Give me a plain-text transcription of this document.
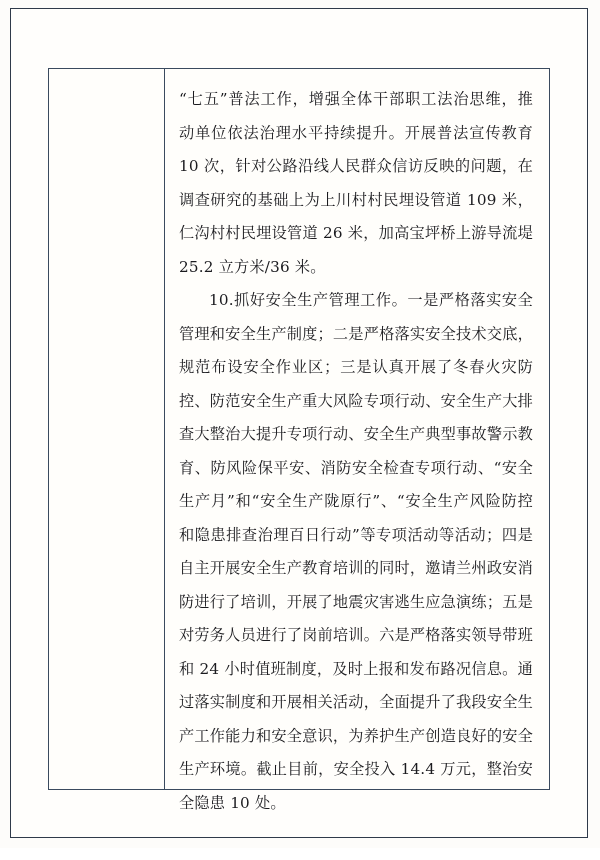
“七五”普法工作，增强全体干部职工法治思维，推动单位依法治理水平持续提升。开展普法宣传教育 10 次，针对公路沿线人民群众信访反映的问题，在调查研究的基础上为上川村村民埋设管道 109 米，仁沟村村民埋设管道 26 米，加高宝坪桥上游导流堤 25.2 立方米/36 米。

10.抓好安全生产管理工作。一是严格落实安全管理和安全生产制度；二是严格落实安全技术交底，规范布设安全作业区；三是认真开展了冬春火灾防控、防范安全生产重大风险专项行动、安全生产大排查大整治大提升专项行动、安全生产典型事故警示教育、防风险保平安、消防安全检查专项行动、“安全生产月”和“安全生产陇原行”、“安全生产风险防控和隐患排查治理百日行动”等专项活动等活动；四是自主开展安全生产教育培训的同时，邀请兰州政安消防进行了培训，开展了地震灾害逃生应急演练；五是对劳务人员进行了岗前培训。六是严格落实领导带班和 24 小时值班制度，及时上报和发布路况信息。通过落实制度和开展相关活动，全面提升了我段安全生产工作能力和安全意识，为养护生产创造良好的安全生产环境。截止目前，安全投入 14.4 万元，整治安全隐患 10 处。
